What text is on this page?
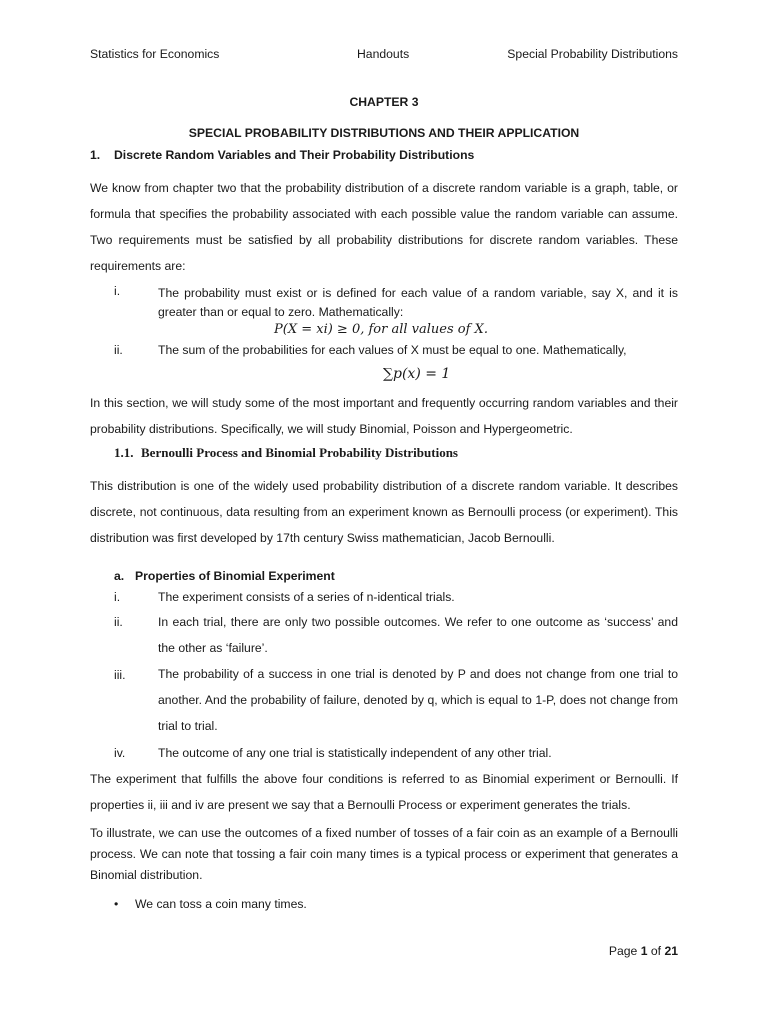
Statistics for Economics	Handouts	Special Probability Distributions
CHAPTER 3
SPECIAL PROBABILITY DISTRIBUTIONS AND THEIR APPLICATION
1. Discrete Random Variables and Their Probability Distributions
We know from chapter two that the probability distribution of a discrete random variable is a graph, table, or formula that specifies the probability associated with each possible value the random variable can assume. Two requirements must be satisfied by all probability distributions for discrete random variables. These requirements are:
i.	The probability must exist or is defined for each value of a random variable, say X, and it is greater than or equal to zero. Mathematically:
P(X = xi) ≥ 0, for all values of X.
ii.	The sum of the probabilities for each values of X must be equal to one. Mathematically,
∑p(x) = 1
In this section, we will study some of the most important and frequently occurring random variables and their probability distributions. Specifically, we will study Binomial, Poisson and Hypergeometric.
1.1. Bernoulli Process and Binomial Probability Distributions
This distribution is one of the widely used probability distribution of a discrete random variable. It describes discrete, not continuous, data resulting from an experiment known as Bernoulli process (or experiment). This distribution was first developed by 17th century Swiss mathematician, Jacob Bernoulli.
a. Properties of Binomial Experiment
i.	The experiment consists of a series of n-identical trials.
ii.	In each trial, there are only two possible outcomes. We refer to one outcome as ‘success’ and the other as ‘failure’.
iii.	The probability of a success in one trial is denoted by P and does not change from one trial to another. And the probability of failure, denoted by q, which is equal to 1-P, does not change from trial to trial.
iv.	The outcome of any one trial is statistically independent of any other trial.
The experiment that fulfills the above four conditions is referred to as Binomial experiment or Bernoulli. If properties ii, iii and iv are present we say that a Bernoulli Process or experiment generates the trials.
To illustrate, we can use the outcomes of a fixed number of tosses of a fair coin as an example of a Bernoulli process. We can note that tossing a fair coin many times is a typical process or experiment that generates a Binomial distribution.
• We can toss a coin many times.
Page 1 of 21
